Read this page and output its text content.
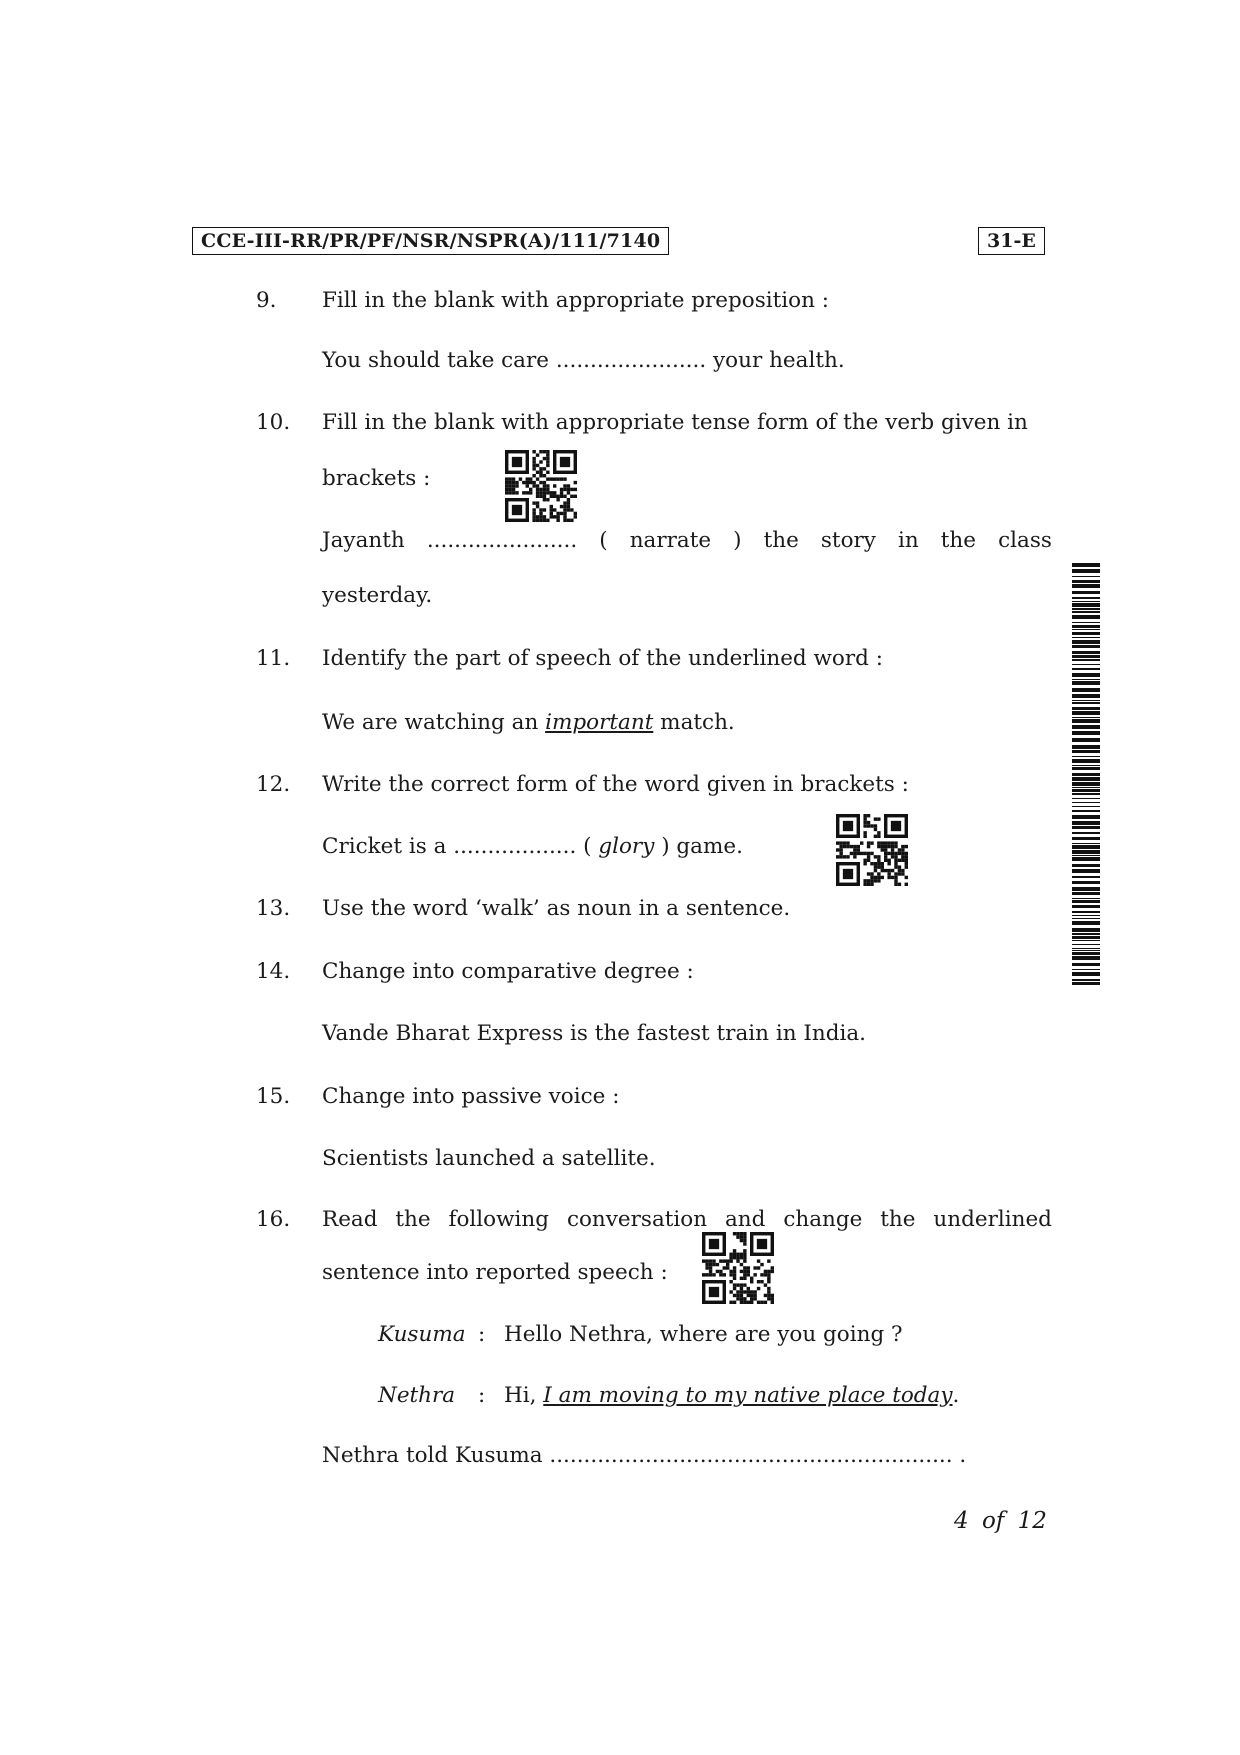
CCE-III-RR/PR/PF/NSR/NSPR(A)/111/7140	31-E
9. Fill in the blank with appropriate preposition :
You should take care ...................... your health.
10. Fill in the blank with appropriate tense form of the verb given in
brackets :
Jayanth ...................... ( narrate ) the story in the class
yesterday.
11. Identify the part of speech of the underlined word :
We are watching an important match.
12. Write the correct form of the word given in brackets :
Cricket is a .................. ( glory ) game.
13. Use the word ‘walk’ as noun in a sentence.
14. Change into comparative degree :
Vande Bharat Express is the fastest train in India.
15. Change into passive voice :
Scientists launched a satellite.
16. Read the following conversation and change the underlined
sentence into reported speech :
Kusuma : Hello Nethra, where are you going ?
Nethra : Hi, I am moving to my native place today.
Nethra told Kusuma ........................................................... .
4 of 12
